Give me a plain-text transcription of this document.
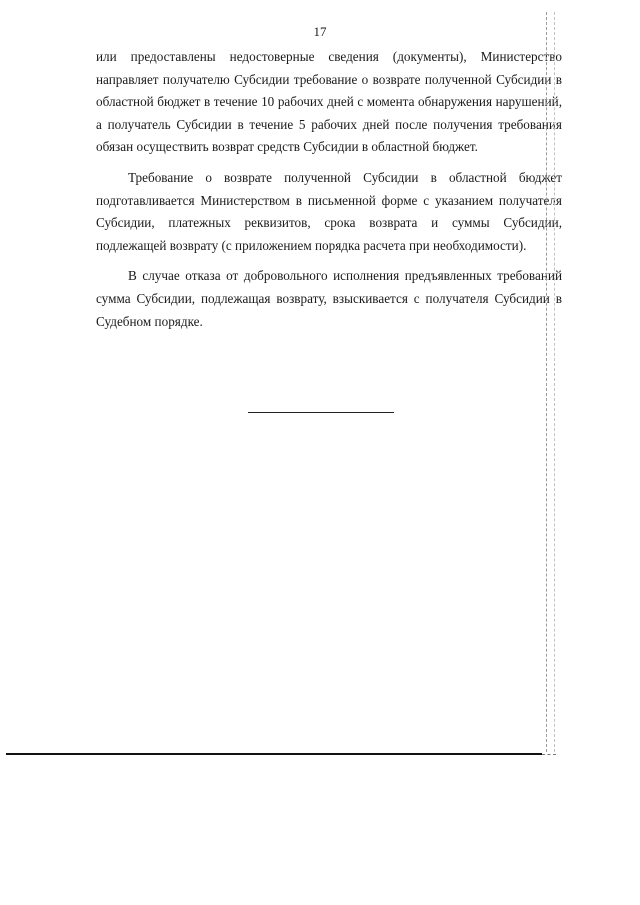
17

или предоставлены недостоверные сведения (документы), Министерство направляет получателю Субсидии требование о возврате полученной Субсидии в областной бюджет в течение 10 рабочих дней с момента обнаружения нарушений, а получатель Субсидии в течение 5 рабочих дней после получения требования обязан осуществить возврат средств Субсидии в областной бюджет.

Требование о возврате полученной Субсидии в областной бюджет подготавливается Министерством в письменной форме с указанием получателя Субсидии, платежных реквизитов, срока возврата и суммы Субсидии, подлежащей возврату (с приложением порядка расчета при необходимости).

В случае отказа от добровольного исполнения предъявленных требований сумма Субсидии, подлежащая возврату, взыскивается с получателя Субсидии в Судебном порядке.
